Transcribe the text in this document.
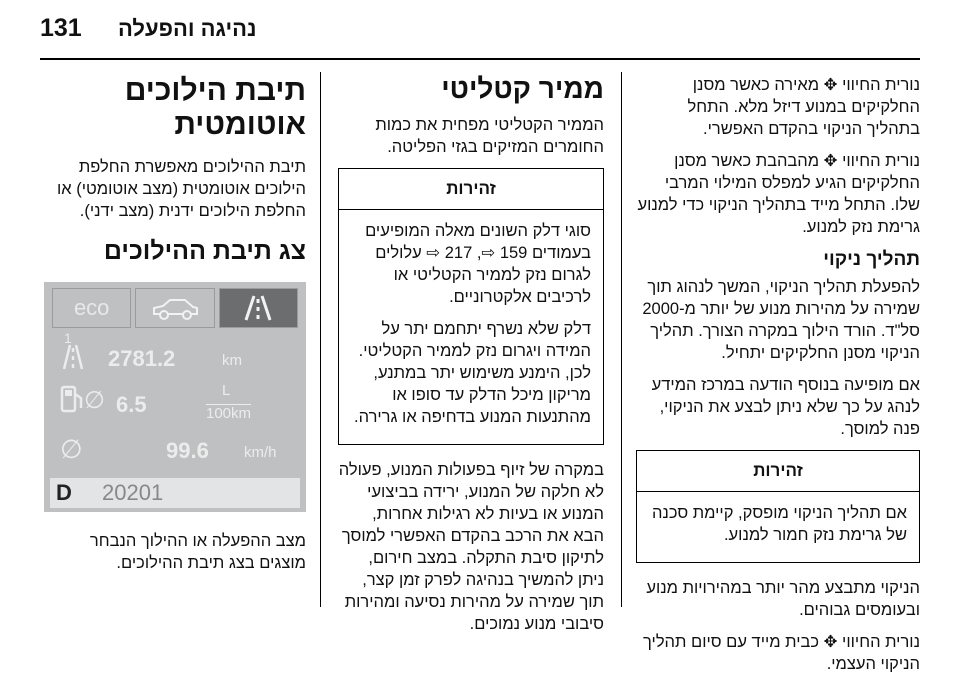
131 נהיגה והפעלה
תיבת הילוכים אוטומטית

תיבת ההילוכים מאפשרת החלפת הילוכים אוטומטית (מצב אוטומטי) או החלפת הילוכים ידנית (מצב ידני).

צג תיבת ההילוכים
eco
1
2781.2	km
∅ 6.5
L
100km
∅	99.6 km/h
D 20201

מצב ההפעלה או ההילוך הנבחר מוצגים בצג תיבת ההילוכים.

ממיר קטליטי

הממיר הקטליטי מפחית את כמות החומרים המזיקים בגזי הפליטה.

זהירות

סוגי דלק השונים מאלה המופיעים בעמודים 159 ⇨, 217 ⇨ עלולים לגרום נזק לממיר הקטליטי או לרכיבים אלקטרוניים.

דלק שלא נשרף יתחמם יתר על המידה ויגרום נזק לממיר הקטליטי. לכן, הימנע משימוש יתר במתנע, מריקון מיכל הדלק עד סופו או מהתנעות המנוע בדחיפה או גרירה.

במקרה של זיוף בפעולות המנוע, פעולה לא חלקה של המנוע, ירידה בביצועי המנוע או בעיות לא רגילות אחרות, הבא את הרכב בהקדם האפשרי למוסך לתיקון סיבת התקלה. במצב חירום, ניתן להמשיך בנהיגה לפרק זמן קצר, תוך שמירה על מהירות נסיעה ומהירות סיבובי מנוע נמוכים.

נורית החיווי ✥ מאירה כאשר מסנן החלקיקים במנוע דיזל מלא. התחל בתהליך הניקוי בהקדם האפשרי.

נורית החיווי ✥ מהבהבת כאשר מסנן החלקיקים הגיע למפלס המילוי המרבי שלו. התחל מייד בתהליך הניקוי כדי למנוע גרימת נזק למנוע.

תהליך ניקוי

להפעלת תהליך הניקוי, המשך לנהוג תוך שמירה על מהירות מנוע של יותר מ-2000 סל"ד. הורד הילוך במקרה הצורך. תהליך הניקוי מסנן החלקיקים יתחיל.

אם מופיעה בנוסף הודעה במרכז המידע לנהג על כך שלא ניתן לבצע את הניקוי, פנה למוסך.

זהירות

אם תהליך הניקוי מופסק, קיימת סכנה של גרימת נזק חמור למנוע.

הניקוי מתבצע מהר יותר במהירויות מנוע ובעומסים גבוהים.

נורית החיווי ✥ כבית מייד עם סיום תהליך הניקוי העצמי.
